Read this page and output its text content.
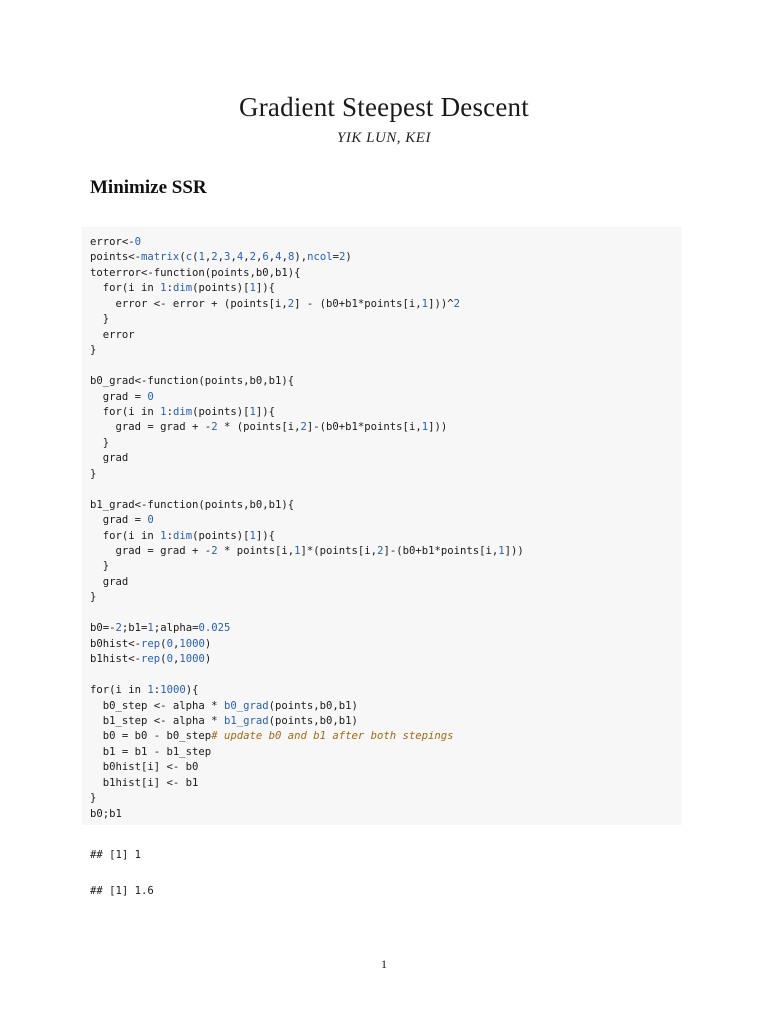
Gradient Steepest Descent
YIK LUN, KEI
Minimize SSR
error<-0
points<-matrix(c(1,2,3,4,2,6,4,8),ncol=2)
toterror<-function(points,b0,b1){
for(i in 1:dim(points)[1]){
error <- error + (points[i,2] - (b0+b1*points[i,1]))^2
}
error
}
b0_grad<-function(points,b0,b1){
grad = 0
for(i in 1:dim(points)[1]){
grad = grad + -2 * (points[i,2]-(b0+b1*points[i,1]))
}
grad
}
b1_grad<-function(points,b0,b1){
grad = 0
for(i in 1:dim(points)[1]){
grad = grad + -2 * points[i,1]*(points[i,2]-(b0+b1*points[i,1]))
}
grad
}
b0=-2;b1=1;alpha=0.025
b0hist<-rep(0,1000)
b1hist<-rep(0,1000)
for(i in 1:1000){
b0_step <- alpha * b0_grad(points,b0,b1)
b1_step <- alpha * b1_grad(points,b0,b1)
b0 = b0 - b0_step# update b0 and b1 after both stepings
b1 = b1 - b1_step
b0hist[i] <- b0
b1hist[i] <- b1
}
b0;b1
## [1] 1
## [1] 1.6
1
